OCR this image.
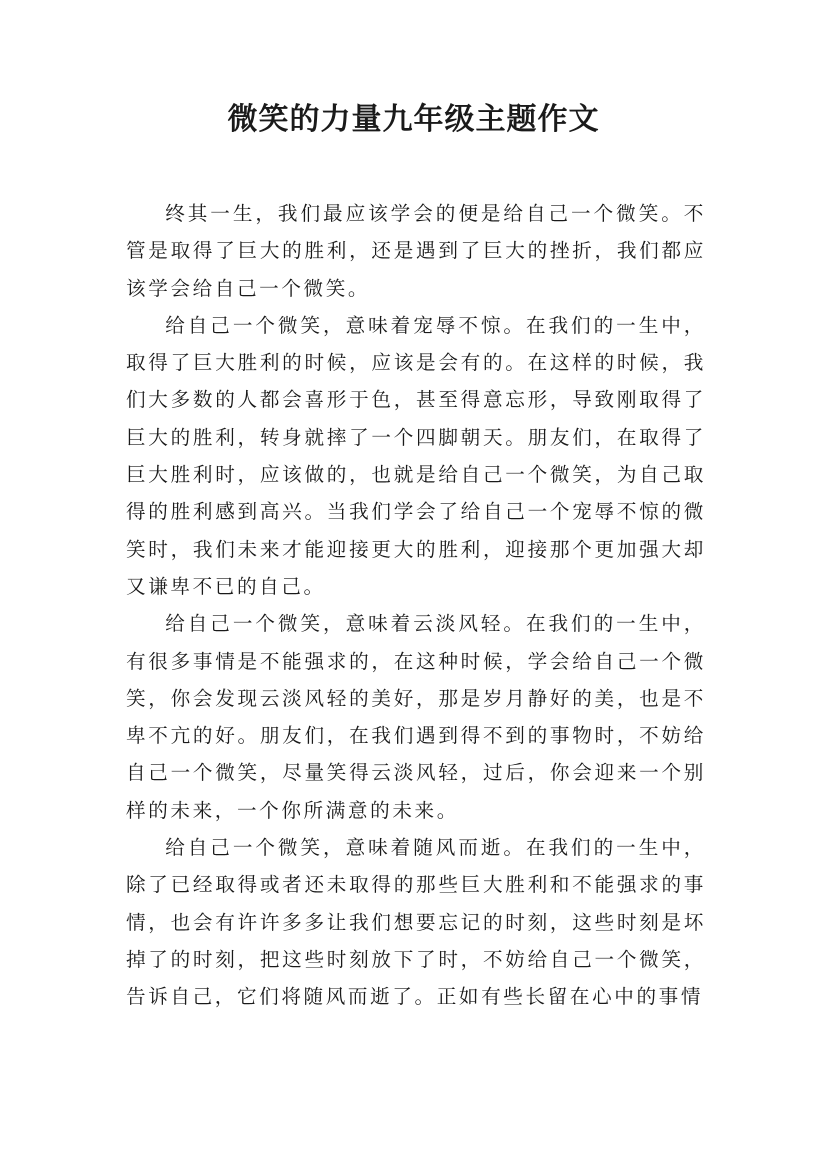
微笑的力量九年级主题作文

终其一生，我们最应该学会的便是给自己一个微笑。不管是取得了巨大的胜利，还是遇到了巨大的挫折，我们都应该学会给自己一个微笑。

给自己一个微笑，意味着宠辱不惊。在我们的一生中，取得了巨大胜利的时候，应该是会有的。在这样的时候，我们大多数的人都会喜形于色，甚至得意忘形，导致刚取得了巨大的胜利，转身就摔了一个四脚朝天。朋友们，在取得了巨大胜利时，应该做的，也就是给自己一个微笑，为自己取得的胜利感到高兴。当我们学会了给自己一个宠辱不惊的微笑时，我们未来才能迎接更大的胜利，迎接那个更加强大却又谦卑不已的自己。

给自己一个微笑，意味着云淡风轻。在我们的一生中，有很多事情是不能强求的，在这种时候，学会给自己一个微笑，你会发现云淡风轻的美好，那是岁月静好的美，也是不卑不亢的好。朋友们，在我们遇到得不到的事物时，不妨给自己一个微笑，尽量笑得云淡风轻，过后，你会迎来一个别样的未来，一个你所满意的未来。

给自己一个微笑，意味着随风而逝。在我们的一生中，除了已经取得或者还未取得的那些巨大胜利和不能强求的事情，也会有许许多多让我们想要忘记的时刻，这些时刻是坏掉了的时刻，把这些时刻放下了时，不妨给自己一个微笑，告诉自己，它们将随风而逝了。正如有些长留在心中的事情
